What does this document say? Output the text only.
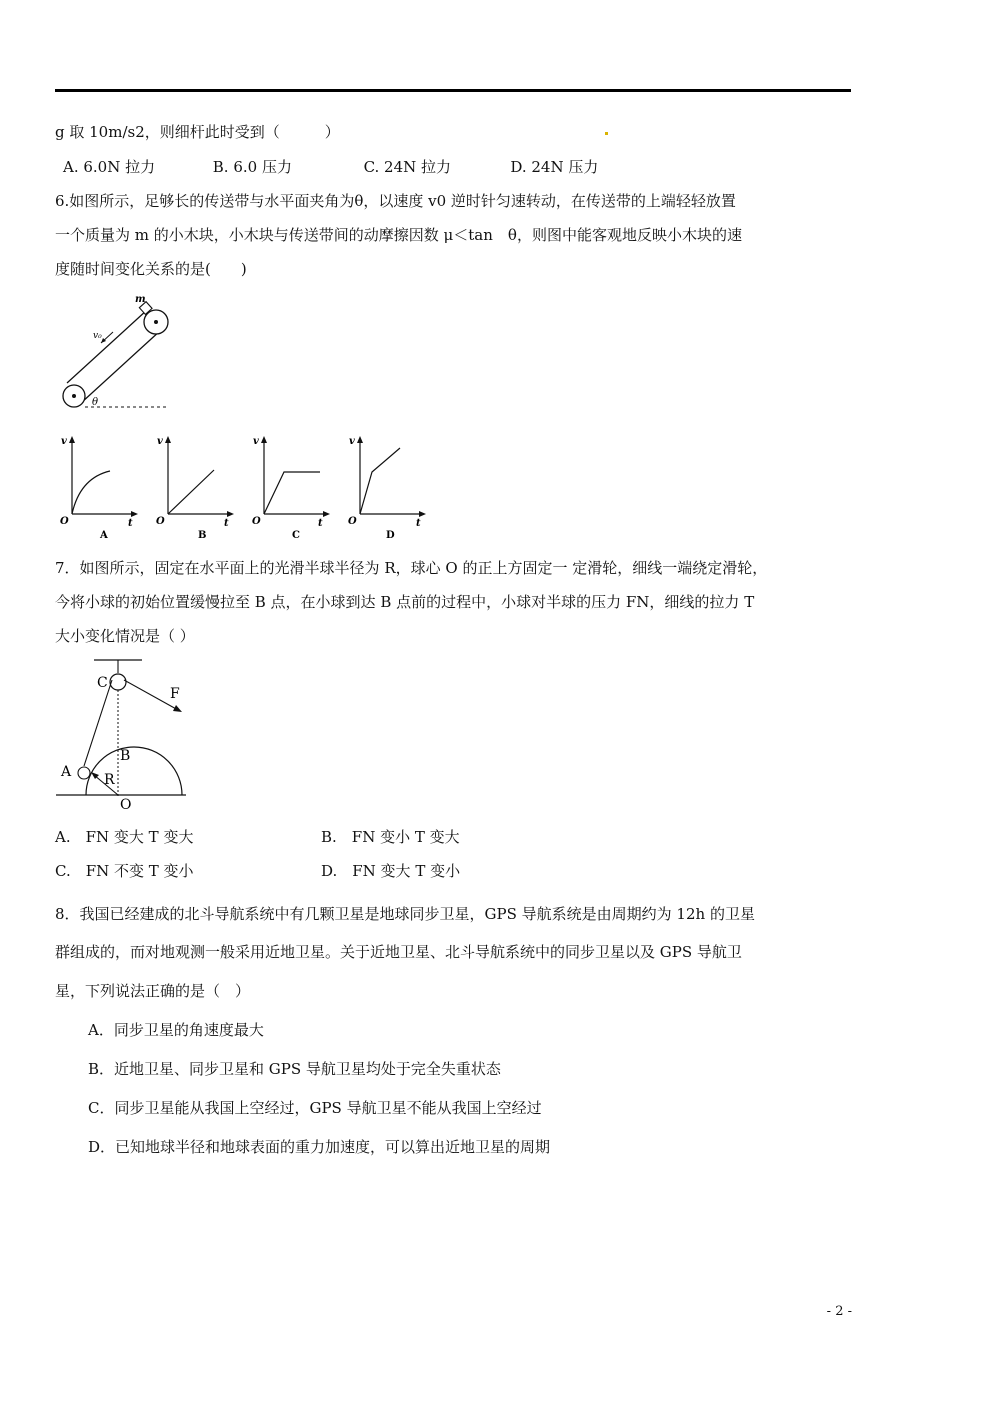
g 取 10m/s2，则细杆此时受到（　　　）
A. 6.0N 拉力	B. 6.0 压力	C. 24N 拉力	D. 24N 压力
6.如图所示，足够长的传送带与水平面夹角为θ，以速度 v0 逆时针匀速转动，在传送带的上端轻轻放置
一个质量为 m 的小木块，小木块与传送带间的动摩擦因数 μ＜tan　θ，则图中能客观地反映小木块的速
度随时间变化关系的是(　　)
m
v₀
θ
v
O	t
A
v
O	t
B
v
O	t
C
v
O	t
D
7．如图所示，固定在水平面上的光滑半球半径为 R，球心 O 的正上方固定一 定滑轮，细线一端绕定滑轮，
今将小球的初始位置缓慢拉至 B 点，在小球到达 B 点前的过程中，小球对半球的压力 FN，细线的拉力 T
大小变化情况是（ ）
C
F
B
A R
O
A.　FN 变大 T 变大	B.　FN 变小 T 变大
C.　FN 不变 T 变小	D.　FN 变大 T 变小
8．我国已经建成的北斗导航系统中有几颗卫星是地球同步卫星，GPS 导航系统是由周期约为 12h 的卫星
群组成的，而对地观测一般采用近地卫星。关于近地卫星、北斗导航系统中的同步卫星以及 GPS 导航卫
星，下列说法正确的是（　）
A．同步卫星的角速度最大
B．近地卫星、同步卫星和 GPS 导航卫星均处于完全失重状态
C．同步卫星能从我国上空经过，GPS 导航卫星不能从我国上空经过
D．已知地球半径和地球表面的重力加速度，可以算出近地卫星的周期
- 2 -
